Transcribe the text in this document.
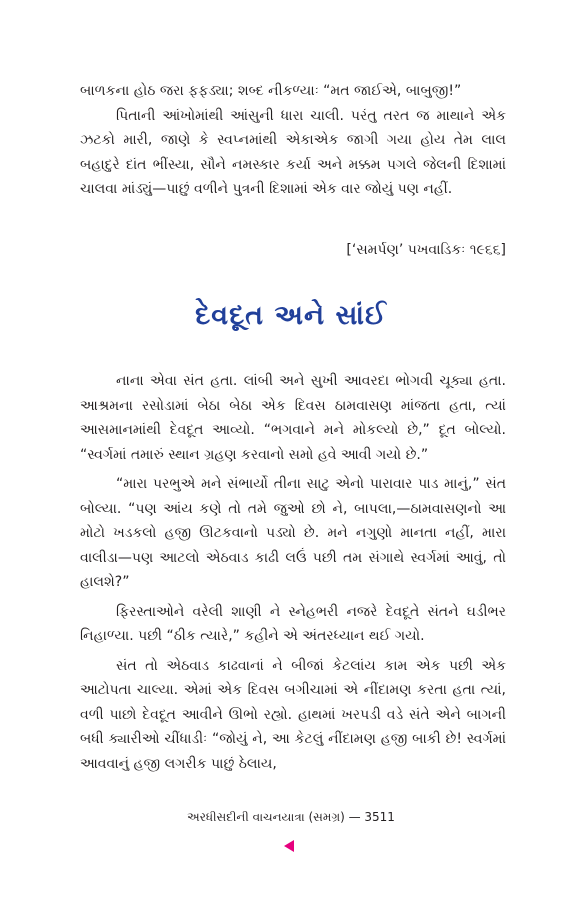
બાળકના હોઠ જરા ફફડ્યા; શબ્દ નીકળ્યાઃ “મત જાઈએ, બાબુજી!”

પિતાની આંખોમાંથી આંસુની ધારા ચાલી. પરંતુ તરત જ માથાને એક ઝટકો મારી, જાણે કે સ્વપ્નમાંથી એકાએક જાગી ગયા હોય તેમ લાલ બહાદુરે દાંત ભીંસ્યા, સૌને નમસ્કાર કર્યા અને મક્કમ પગલે જેલની દિશામાં ચાલવા માંડ્યું—પાછું વળીને પુત્રની દિશામાં એક વાર જોયું પણ નહીં.

[‘સમર્પણ’ પખવાડિકઃ ૧૯૬૬]
દેવદૂત અને સાંઈ

નાના એવા સંત હતા. લાંબી અને સુખી આવરદા ભોગવી ચૂક્યા હતા. આશ્રમના રસોડામાં બેઠા બેઠા એક દિવસ ઠામવાસણ માંજતા હતા, ત્યાં આસમાનમાંથી દેવદૂત આવ્યો. “ભગવાને મને મોકલ્યો છે,” દૂત બોલ્યો. “સ્વર્ગમાં તમારું સ્થાન ગ્રહણ કરવાનો સમો હવે આવી ગયો છે.”

“મારા પરભુએ મને સંભાર્યો તીના સાટુ એનો પારાવાર પાડ માનું,” સંત બોલ્યા. “પણ આંય કણે તો તમે જુઓ છો ને, બાપલા,—ઠામવાસણનો આ મોટો ખડકલો હજી ઊટકવાનો પડ્યો છે. મને નગુણો માનતા નહીં, મારા વાલીડા—પણ આટલો એઠવાડ કાઢી લઉં પછી તમ સંગાથે સ્વર્ગમાં આવું, તો હાલશે?”

ફિરસ્તાઓને વરેલી શાણી ને સ્નેહભરી નજરે દેવદૂતે સંતને ઘડીભર નિહાળ્યા. પછી “ઠીક ત્યારે,” કહીને એ અંતરધ્યાન થઈ ગયો.

સંત તો એઠવાડ કાઢવાનાં ને બીજાં કેટલાંય કામ એક પછી એક આટોપતા ચાલ્યા. એમાં એક દિવસ બગીચામાં એ નીંદામણ કરતા હતા ત્યાં, વળી પાછો દેવદૂત આવીને ઊભો રહ્યો. હાથમાં ખરપડી વડે સંતે એને બાગની બધી ક્યારીઓ ચીંધાડીઃ “જોયું ને, આ કેટલું નીંદામણ હજી બાકી છે! સ્વર્ગમાં આવવાનું હજી લગરીક પાછું ઠેલાય,

અરધીસદીની વાચનયાત્રા (સમગ્ર) — 3511
